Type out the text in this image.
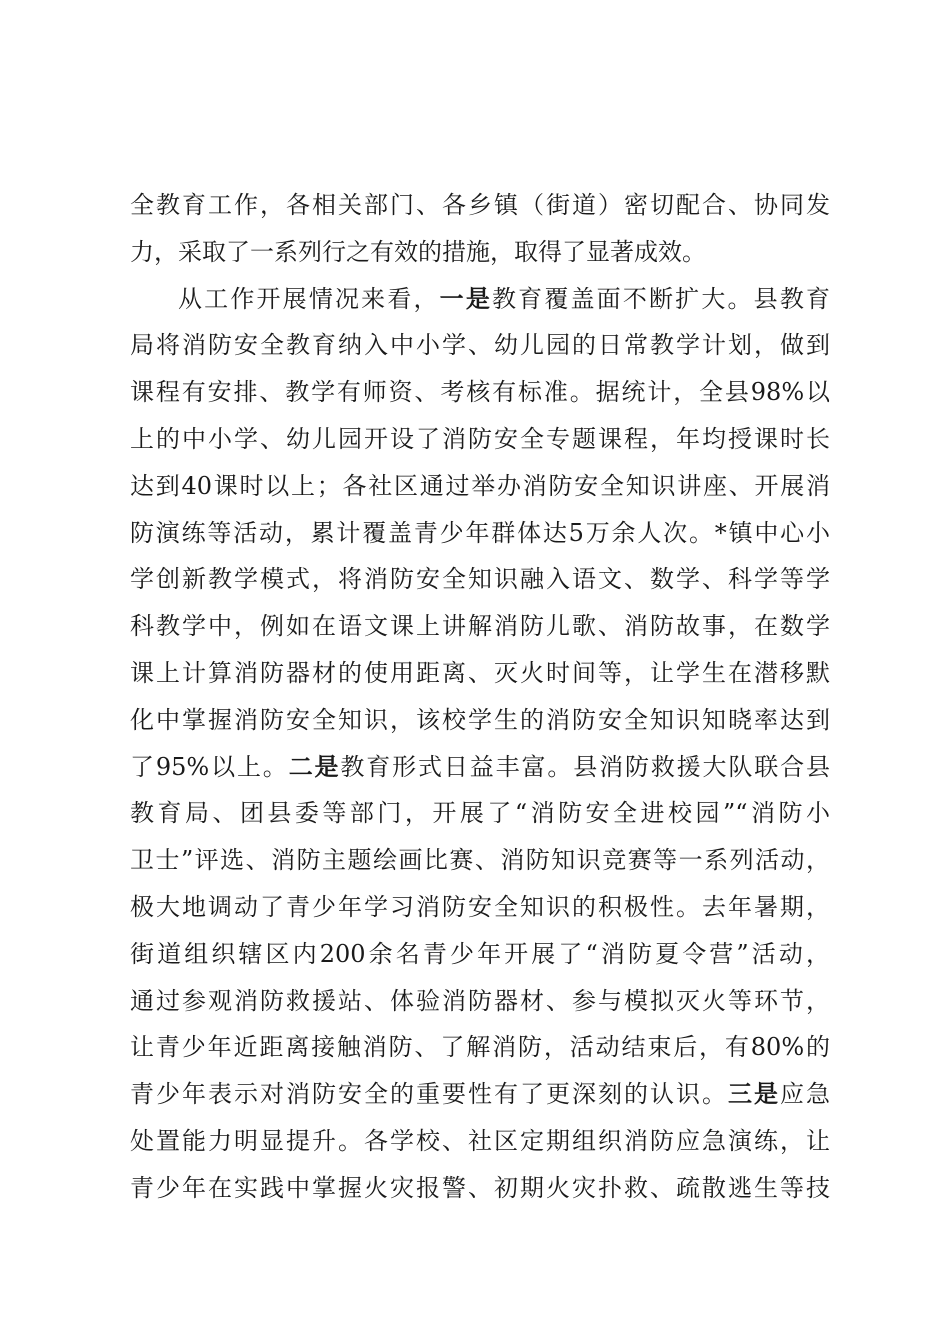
全教育工作，各相关部门、各乡镇（街道）密切配合、协同发
力，采取了一系列行之有效的措施，取得了显著成效。
从工作开展情况来看，一是教育覆盖面不断扩大。县教育
局将消防安全教育纳入中小学、幼儿园的日常教学计划，做到
课程有安排、教学有师资、考核有标准。据统计，全县98%以
上的中小学、幼儿园开设了消防安全专题课程，年均授课时长
达到40课时以上；各社区通过举办消防安全知识讲座、开展消
防演练等活动，累计覆盖青少年群体达5万余人次。*镇中心小
学创新教学模式，将消防安全知识融入语文、数学、科学等学
科教学中，例如在语文课上讲解消防儿歌、消防故事，在数学
课上计算消防器材的使用距离、灭火时间等，让学生在潜移默
化中掌握消防安全知识，该校学生的消防安全知识知晓率达到
了95%以上。二是教育形式日益丰富。县消防救援大队联合县
教育局、团县委等部门，开展了“消防安全进校园”“消防小
卫士”评选、消防主题绘画比赛、消防知识竞赛等一系列活动，
极大地调动了青少年学习消防安全知识的积极性。去年暑期，
街道组织辖区内200余名青少年开展了“消防夏令营”活动，
通过参观消防救援站、体验消防器材、参与模拟灭火等环节，
让青少年近距离接触消防、了解消防，活动结束后，有80%的
青少年表示对消防安全的重要性有了更深刻的认识。三是应急
处置能力明显提升。各学校、社区定期组织消防应急演练，让
青少年在实践中掌握火灾报警、初期火灾扑救、疏散逃生等技
